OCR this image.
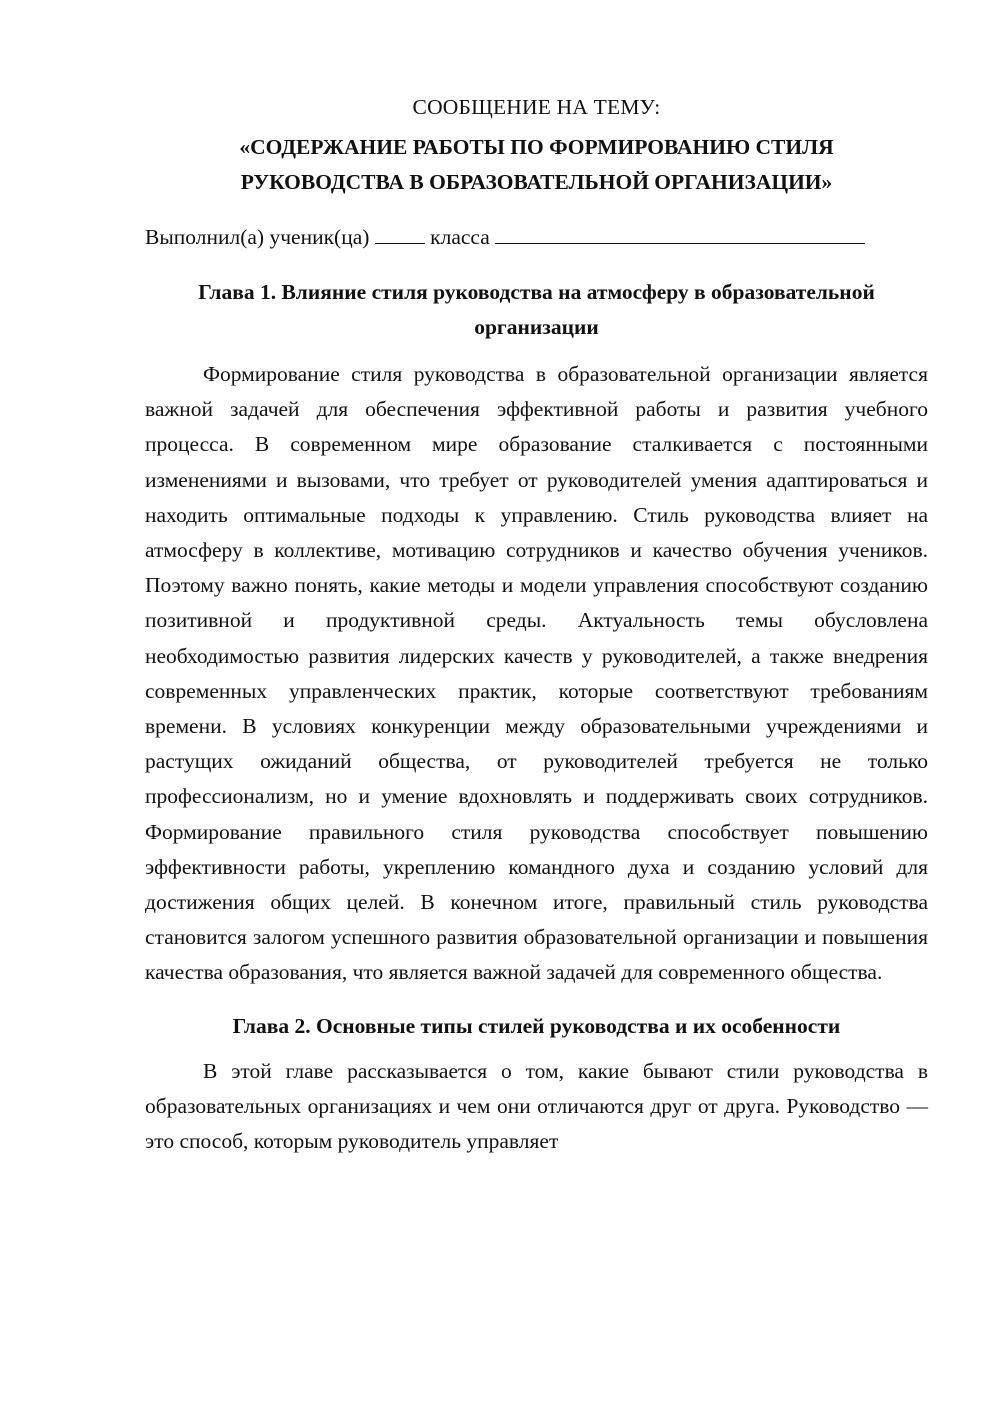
СООБЩЕНИЕ НА ТЕМУ:

«СОДЕРЖАНИЕ РАБОТЫ ПО ФОРМИРОВАНИЮ СТИЛЯ
РУКОВОДСТВА В ОБРАЗОВАТЕЛЬНОЙ ОРГАНИЗАЦИИ»

Выполнил(а) ученик(ца)	класса

Глава 1. Влияние стиля руководства на атмосферу в образовательной
организации

Формирование стиля руководства в образовательной организации является важной задачей для обеспечения эффективной работы и развития учебного процесса. В современном мире образование сталкивается с постоянными изменениями и вызовами, что требует от руководителей умения адаптироваться и находить оптимальные подходы к управлению. Стиль руководства влияет на атмосферу в коллективе, мотивацию сотрудников и качество обучения учеников. Поэтому важно понять, какие методы и модели управления способствуют созданию позитивной и продуктивной среды. Актуальность темы обусловлена необходимостью развития лидерских качеств у руководителей, а также внедрения современных управленческих практик, которые соответствуют требованиям времени. В условиях конкуренции между образовательными учреждениями и растущих ожиданий общества, от руководителей требуется не только профессионализм, но и умение вдохновлять и поддерживать своих сотрудников. Формирование правильного стиля руководства способствует повышению эффективности работы, укреплению командного духа и созданию условий для достижения общих целей. В конечном итоге, правильный стиль руководства становится залогом успешного развития образовательной организации и повышения качества образования, что является важной задачей для современного общества.

Глава 2. Основные типы стилей руководства и их особенности

В этой главе рассказывается о том, какие бывают стили руководства в образовательных организациях и чем они отличаются друг от друга. Руководство — это способ, которым руководитель управляет
